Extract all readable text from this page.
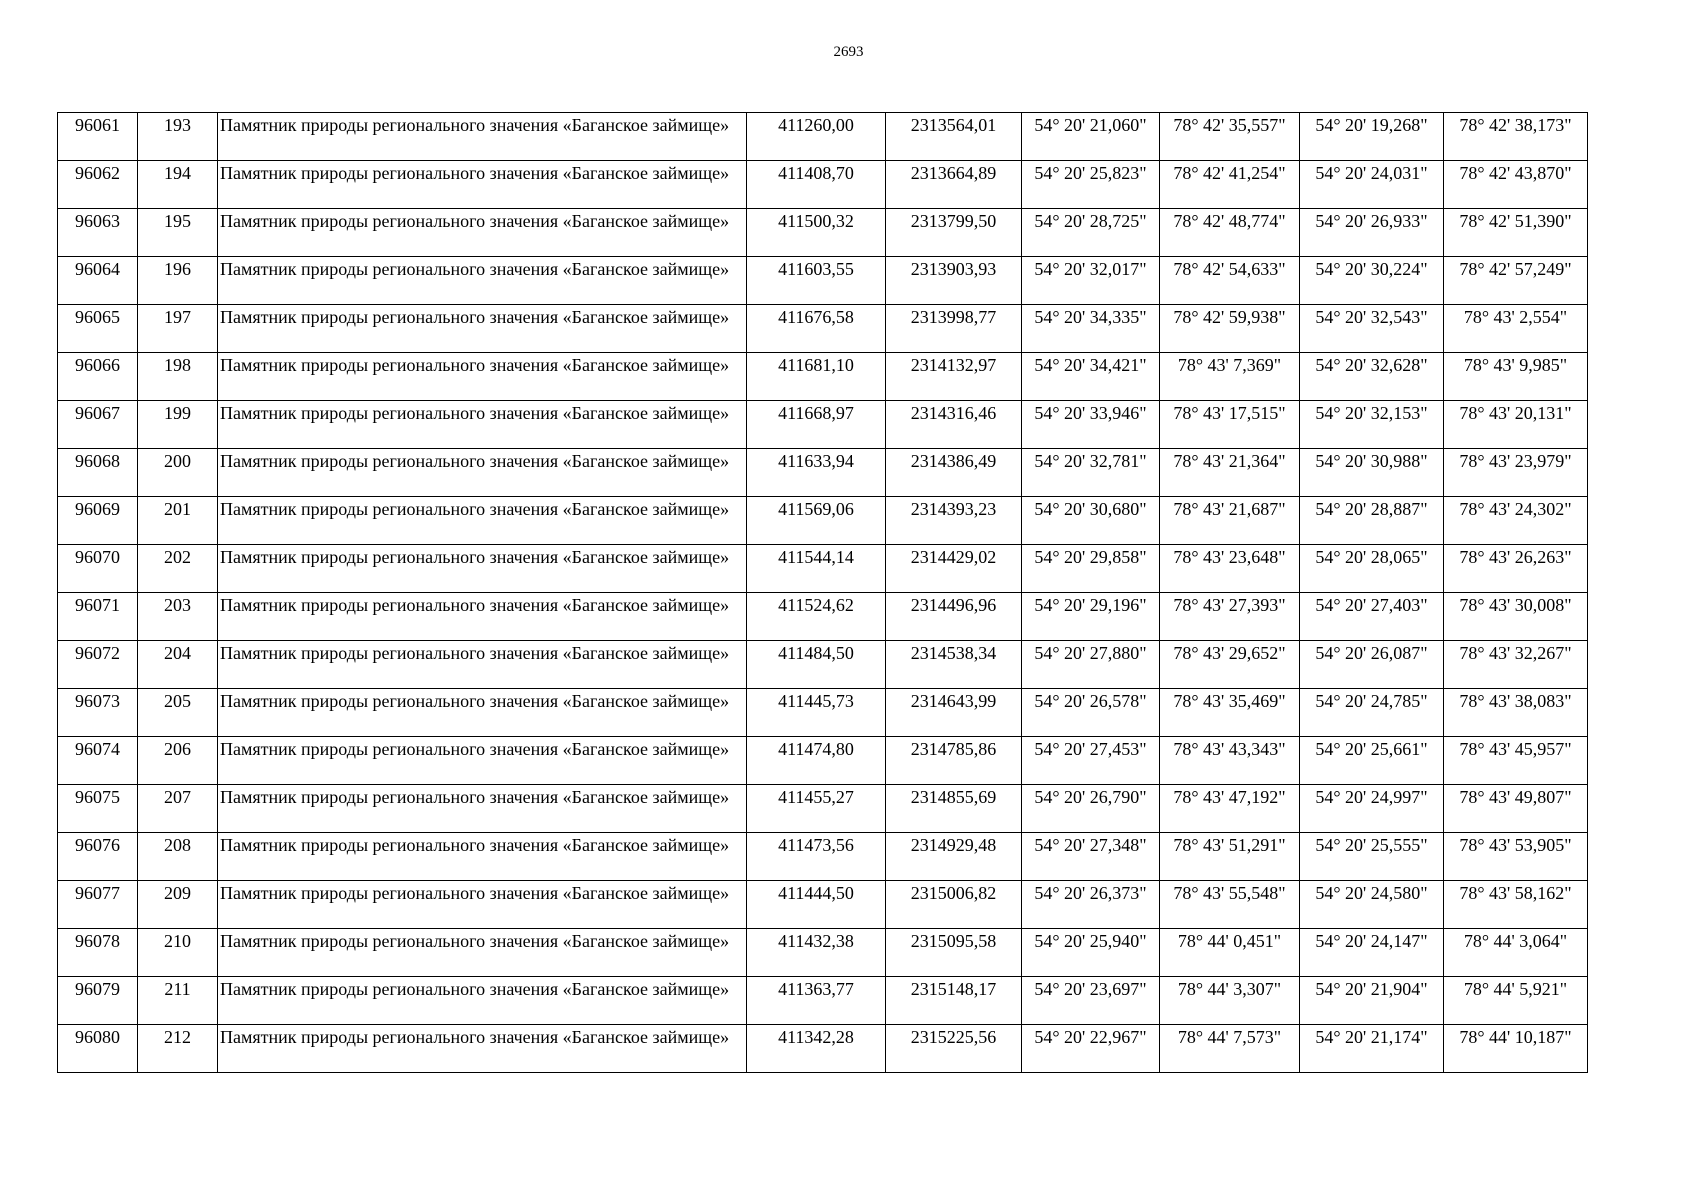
2693
96061	193	Памятник природы регионального значения «Баганское займище»	411260,00	2313564,01	54° 20' 21,060"	78° 42' 35,557"	54° 20' 19,268"	78° 42' 38,173"
96062	194	Памятник природы регионального значения «Баганское займище»	411408,70	2313664,89	54° 20' 25,823"	78° 42' 41,254"	54° 20' 24,031"	78° 42' 43,870"
96063	195	Памятник природы регионального значения «Баганское займище»	411500,32	2313799,50	54° 20' 28,725"	78° 42' 48,774"	54° 20' 26,933"	78° 42' 51,390"
96064	196	Памятник природы регионального значения «Баганское займище»	411603,55	2313903,93	54° 20' 32,017"	78° 42' 54,633"	54° 20' 30,224"	78° 42' 57,249"
96065	197	Памятник природы регионального значения «Баганское займище»	411676,58	2313998,77	54° 20' 34,335"	78° 42' 59,938"	54° 20' 32,543"	78° 43' 2,554"
96066	198	Памятник природы регионального значения «Баганское займище»	411681,10	2314132,97	54° 20' 34,421"	78° 43' 7,369"	54° 20' 32,628"	78° 43' 9,985"
96067	199	Памятник природы регионального значения «Баганское займище»	411668,97	2314316,46	54° 20' 33,946"	78° 43' 17,515"	54° 20' 32,153"	78° 43' 20,131"
96068	200	Памятник природы регионального значения «Баганское займище»	411633,94	2314386,49	54° 20' 32,781"	78° 43' 21,364"	54° 20' 30,988"	78° 43' 23,979"
96069	201	Памятник природы регионального значения «Баганское займище»	411569,06	2314393,23	54° 20' 30,680"	78° 43' 21,687"	54° 20' 28,887"	78° 43' 24,302"
96070	202	Памятник природы регионального значения «Баганское займище»	411544,14	2314429,02	54° 20' 29,858"	78° 43' 23,648"	54° 20' 28,065"	78° 43' 26,263"
96071	203	Памятник природы регионального значения «Баганское займище»	411524,62	2314496,96	54° 20' 29,196"	78° 43' 27,393"	54° 20' 27,403"	78° 43' 30,008"
96072	204	Памятник природы регионального значения «Баганское займище»	411484,50	2314538,34	54° 20' 27,880"	78° 43' 29,652"	54° 20' 26,087"	78° 43' 32,267"
96073	205	Памятник природы регионального значения «Баганское займище»	411445,73	2314643,99	54° 20' 26,578"	78° 43' 35,469"	54° 20' 24,785"	78° 43' 38,083"
96074	206	Памятник природы регионального значения «Баганское займище»	411474,80	2314785,86	54° 20' 27,453"	78° 43' 43,343"	54° 20' 25,661"	78° 43' 45,957"
96075	207	Памятник природы регионального значения «Баганское займище»	411455,27	2314855,69	54° 20' 26,790"	78° 43' 47,192"	54° 20' 24,997"	78° 43' 49,807"
96076	208	Памятник природы регионального значения «Баганское займище»	411473,56	2314929,48	54° 20' 27,348"	78° 43' 51,291"	54° 20' 25,555"	78° 43' 53,905"
96077	209	Памятник природы регионального значения «Баганское займище»	411444,50	2315006,82	54° 20' 26,373"	78° 43' 55,548"	54° 20' 24,580"	78° 43' 58,162"
96078	210	Памятник природы регионального значения «Баганское займище»	411432,38	2315095,58	54° 20' 25,940"	78° 44' 0,451"	54° 20' 24,147"	78° 44' 3,064"
96079	211	Памятник природы регионального значения «Баганское займище»	411363,77	2315148,17	54° 20' 23,697"	78° 44' 3,307"	54° 20' 21,904"	78° 44' 5,921"
96080	212	Памятник природы регионального значения «Баганское займище»	411342,28	2315225,56	54° 20' 22,967"	78° 44' 7,573"	54° 20' 21,174"	78° 44' 10,187"
